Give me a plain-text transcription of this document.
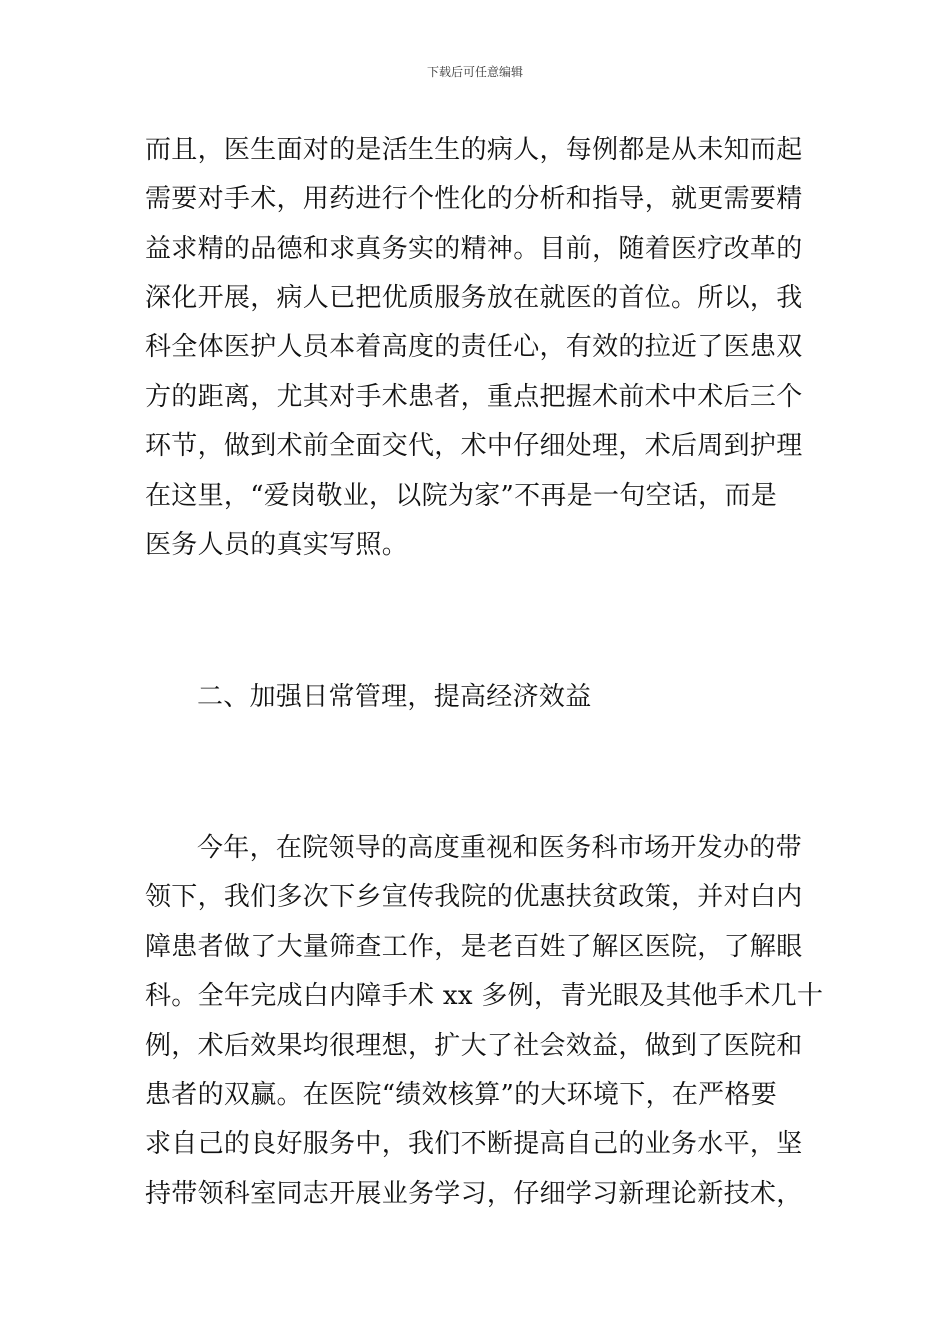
下载后可任意编辑
而且，医生面对的是活生生的病人，每例都是从未知而起
需要对手术，用药进行个性化的分析和指导，就更需要精
益求精的品德和求真务实的精神。目前，随着医疗改革的
深化开展，病人已把优质服务放在就医的首位。所以，我
科全体医护人员本着高度的责任心，有效的拉近了医患双
方的距离，尤其对手术患者，重点把握术前术中术后三个
环节，做到术前全面交代，术中仔细处理，术后周到护理
在这里，“爱岗敬业，以院为家”不再是一句空话，而是
医务人员的真实写照。
二、加强日常管理，提高经济效益
今年，在院领导的高度重视和医务科市场开发办的带
领下，我们多次下乡宣传我院的优惠扶贫政策，并对白内
障患者做了大量筛查工作，是老百姓了解区医院，了解眼
科。全年完成白内障手术 xx 多例，青光眼及其他手术几十
例，术后效果均很理想，扩大了社会效益，做到了医院和
患者的双赢。在医院“绩效核算”的大环境下，在严格要
求自己的良好服务中，我们不断提高自己的业务水平，坚
持带领科室同志开展业务学习，仔细学习新理论新技术，
